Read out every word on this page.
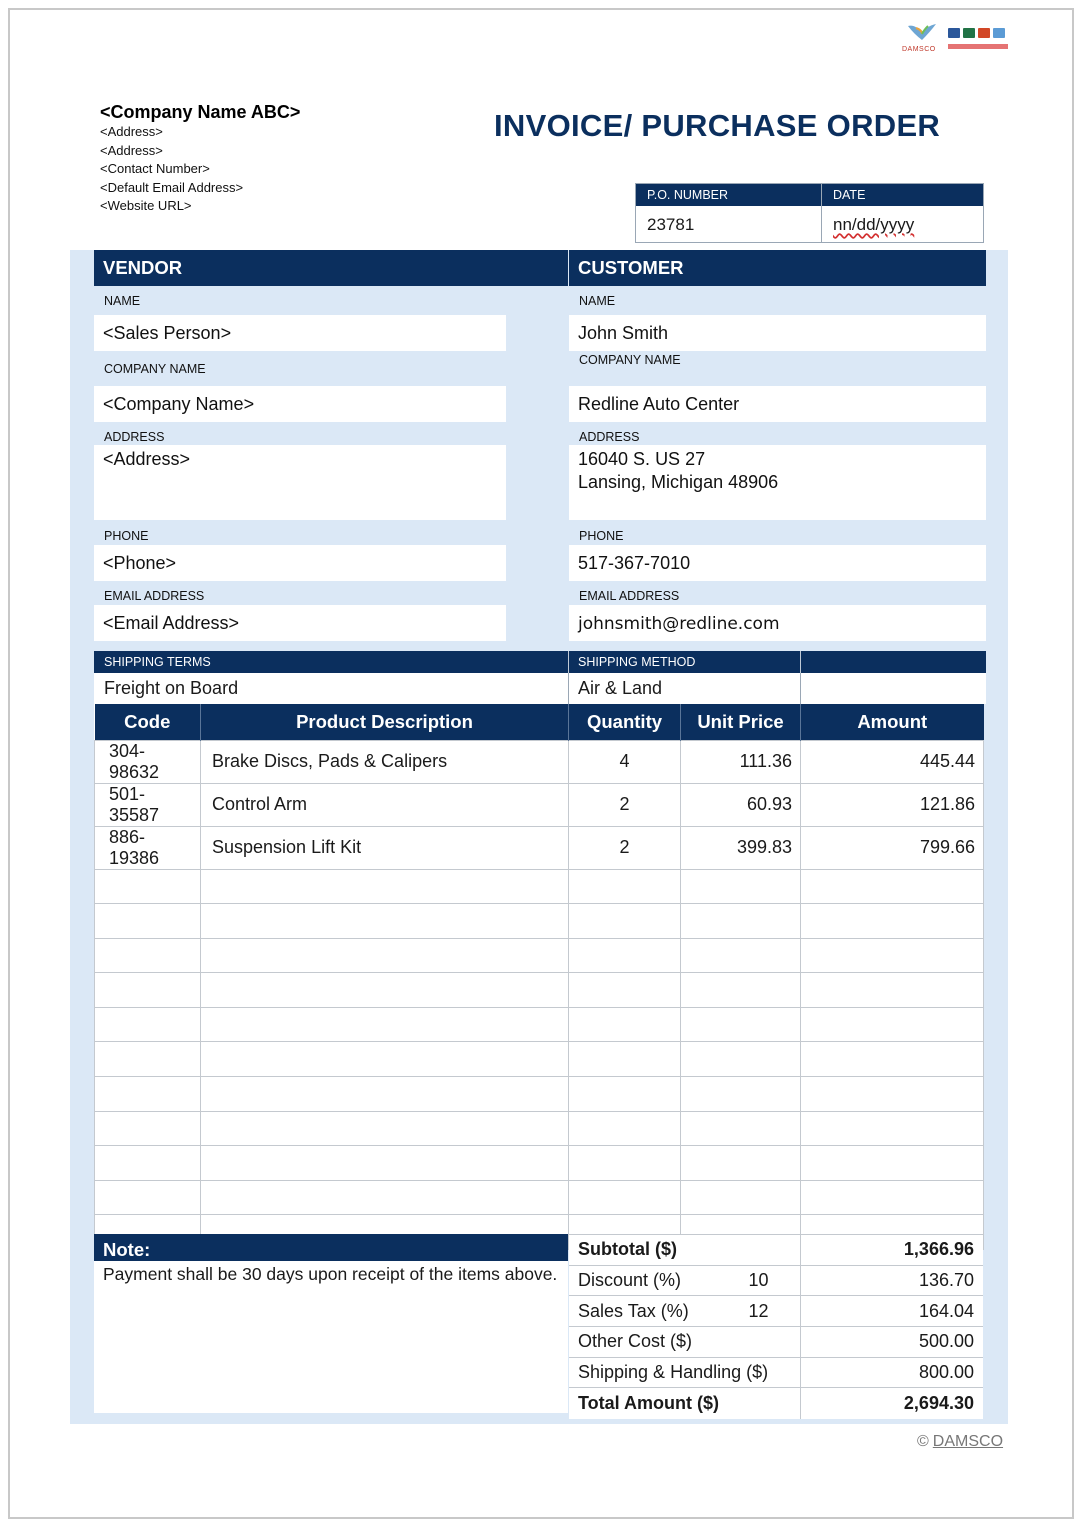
DAMSCO
<Company Name ABC>
<Address>
<Address>
<Contact Number>
<Default Email Address>
<Website URL>
INVOICE/ PURCHASE ORDER
P.O. NUMBER	DATE
23781	nn/dd/yyyy
VENDOR
NAME
<Sales Person>
COMPANY NAME
<Company Name>
ADDRESS
<Address>
PHONE
<Phone>
EMAIL ADDRESS
<Email Address>
CUSTOMER
NAME
John Smith
COMPANY NAME
Redline Auto Center
ADDRESS
16040 S. US 27
Lansing, Michigan 48906
PHONE
517-367-7010
EMAIL ADDRESS
johnsmith@redline.com
SHIPPING TERMS	SHIPPING METHOD
Freight on Board	Air & Land
Code	Product Description	Quantity	Unit Price	Amount
304-98632	Brake Discs, Pads & Calipers	4	111.36	445.44
501-35587	Control Arm	2	60.93	121.86
886-19386	Suspension Lift Kit	2	399.83	799.66

Note:
Payment shall be 30 days upon receipt of the items above.
Subtotal ($)	1,366.96
Discount (%) 10	136.70
Sales Tax (%) 12	164.04
Other Cost ($)	500.00
Shipping & Handling ($)	800.00
Total Amount ($)	2,694.30
© DAMSCO
